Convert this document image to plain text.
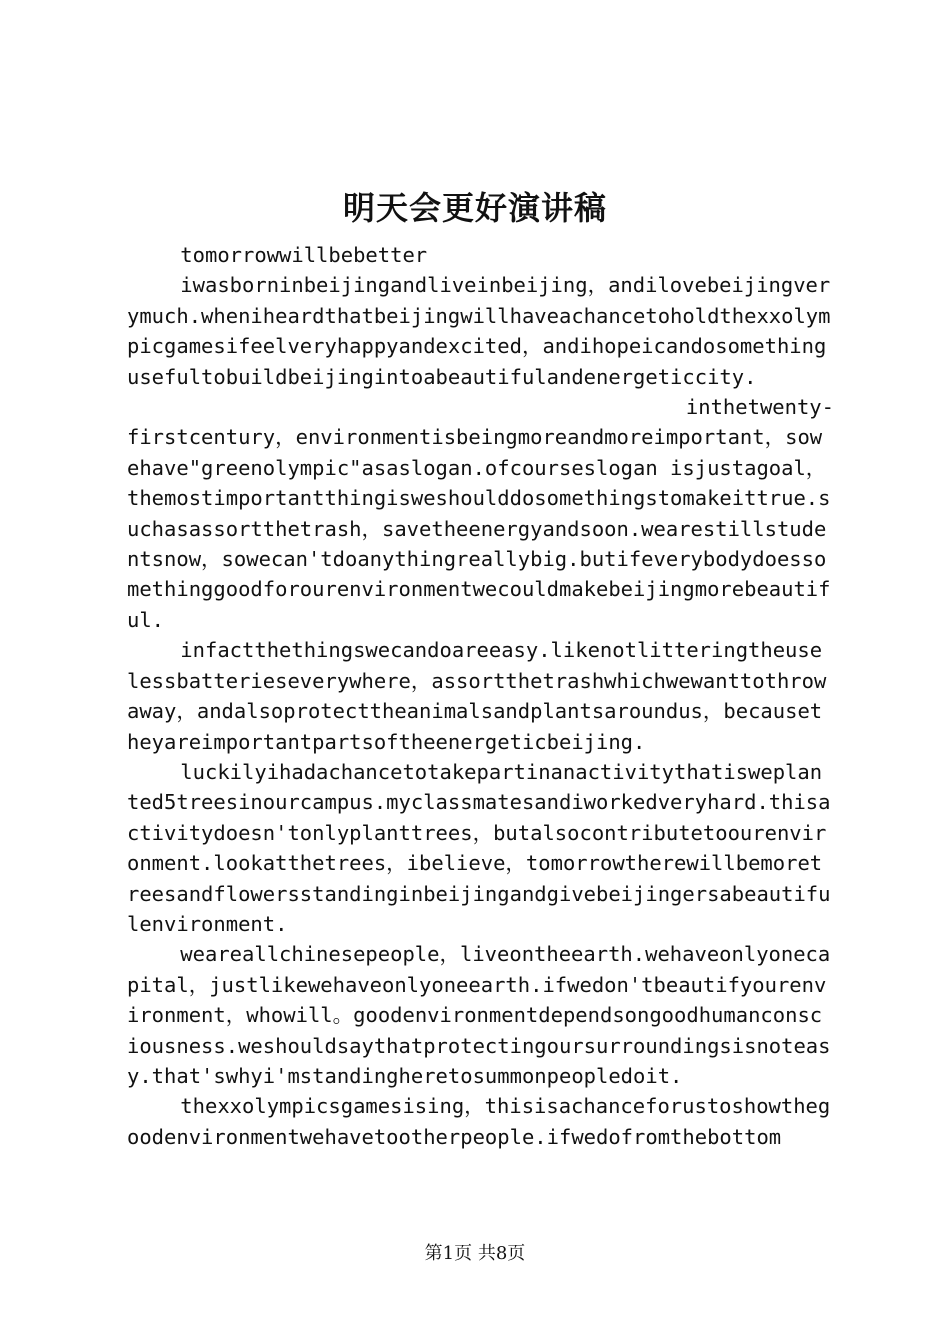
明天会更好演讲稿

tomorrowwillbebetter

iwasborninbeijingandliveinbeijing，andilovebeijingverymuch.wheniheardthatbeijingwillhaveachancetoholdthexxolympicgamesifeelveryhappyandexcited，andihopeicandosomethingusefultobuildbeijingintoabeautifulandenergeticcity.

inthetwenty-
firstcentury，environmentisbeingmoreandmoreimportant，sowehave"greenolympic"asaslogan.ofcourseslogan isjustagoal，themostimportantthingisweshoulddosomethingstomakeittrue.suchasassortthetrash，savetheenergyandsoon.wearestillstudentsnow，sowecan'tdoanythingreallybig.butifeverybodydoessomethinggoodforourenvironmentwecouldmakebeijingmorebeautiful.

infactthethingswecandoareeasy.likenotlitteringtheuselessbatterieseverywhere，assortthetrashwhichwewanttothrowaway，andalsoprotecttheanimalsandplantsaroundus，becausetheyareimportantpartsoftheenergeticbeijing.

luckilyihadachancetotakepartinanactivitythatisweplanted5treesinourcampus.myclassmatesandiworkedveryhard.thisactivitydoesn'tonlyplanttrees，butalsocontributetoourenvironment.lookatthetrees，ibelieve，tomorrowtherewillbemoretreesandflowersstandinginbeijingandgivebeijingersabeautifulenvironment.

weareallchinesepeople，liveontheearth.wehaveonlyonecapital，justlikewehaveonlyoneearth.ifwedon'tbeautifyourenvironment，whowill。goodenvironmentdependsongoodhumanconsciousness.weshouldsaythatprotectingoursurroundingsisnoteasy.that'swhyi'mstandingheretosummonpeopledoit.

thexxolympicsgamesising，thisisachanceforustoshowthegoodenvironmentwehavetootherpeople.ifwedofromthebottom

第1页 共8页
